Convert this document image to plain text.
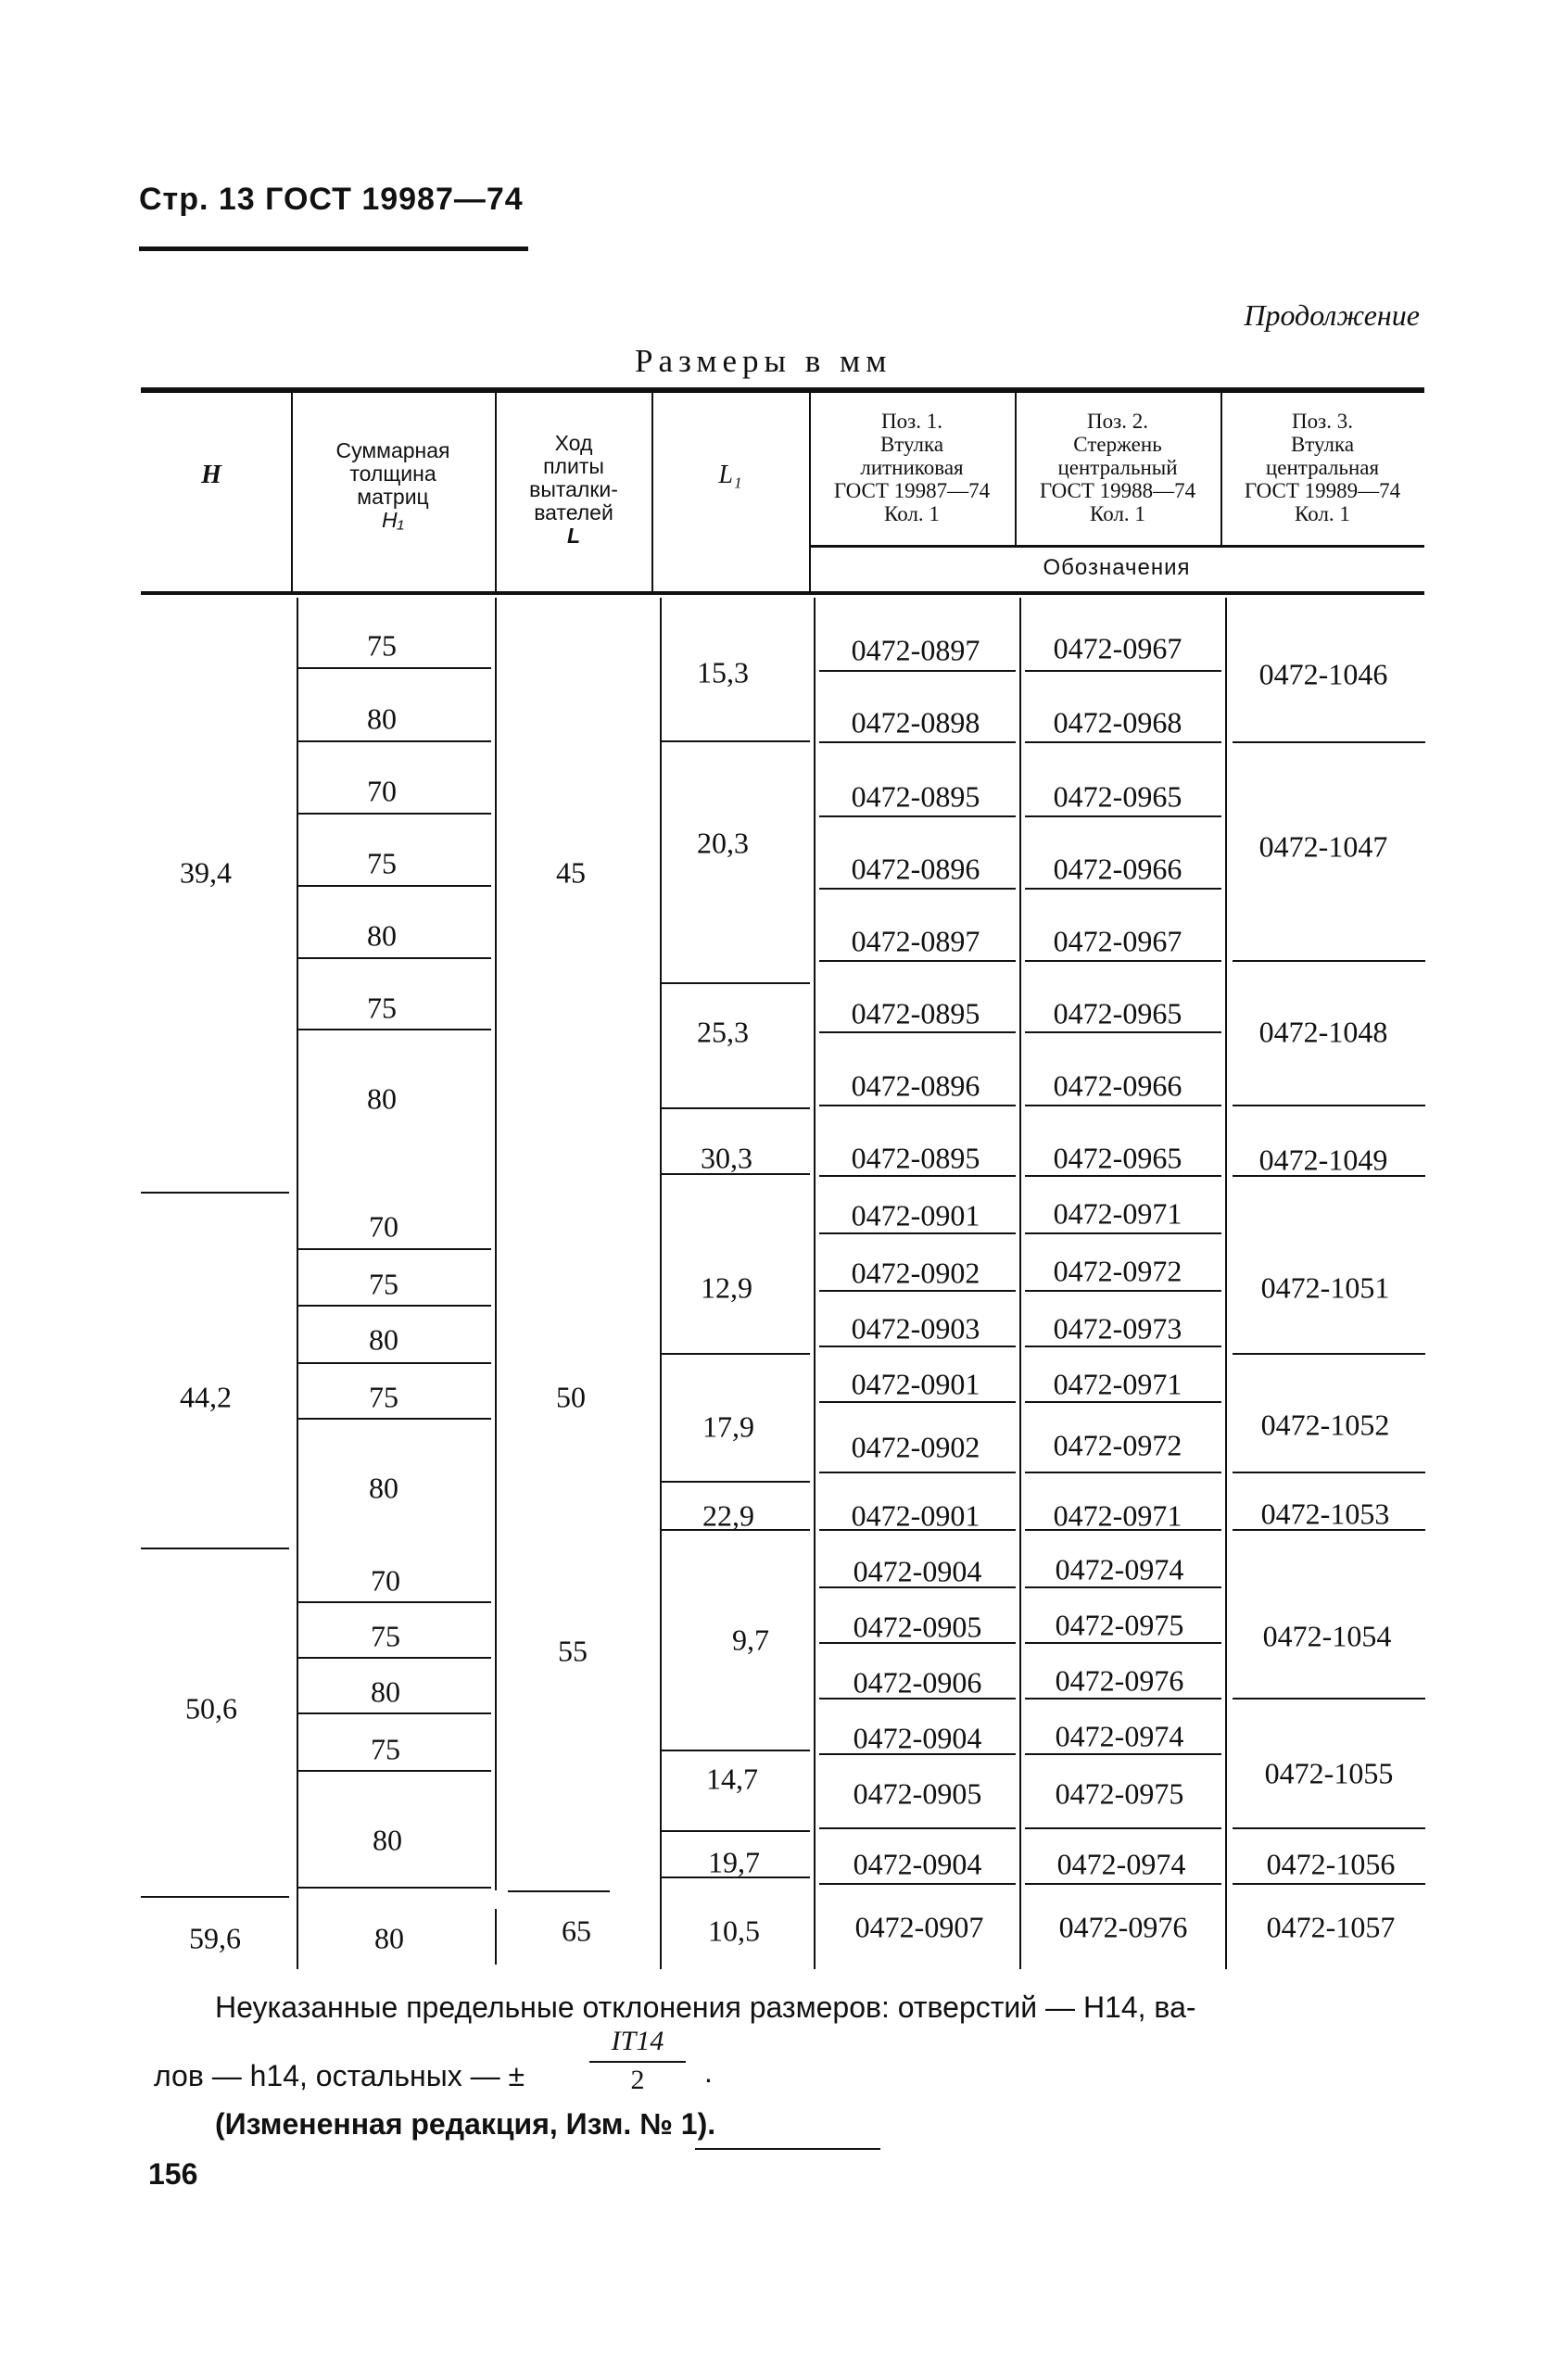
Стр. 13 ГОСТ 19987—74
Продолжение
Размеры в мм
H
Суммарная
толщина
матриц
H₁
Ход
плиты
выталки-
вателей
L
L₁
Поз. 1.
Втулка
литниковая
ГОСТ 19987—74
Кол. 1
Поз. 2.
Стержень
центральный
ГОСТ 19988—74
Кол. 1
Поз. 3.
Втулка
центральная
ГОСТ 19989—74
Кол. 1
Обозначения
39,4
44,2
50,6
59,6
45
50
55
65
75
80
70
75
80
75
80
70
75
80
75
80
70
75
80
75
80
80
15,3
20,3
25,3
30,3
12,9
17,9
22,9
9,7
14,7
19,7
10,5
0472-0897
0472-0898
0472-0895
0472-0896
0472-0897
0472-0895
0472-0896
0472-0895
0472-0901
0472-0902
0472-0903
0472-0901
0472-0902
0472-0901
0472-0904
0472-0905
0472-0906
0472-0904
0472-0905
0472-0904
0472-0907
0472-0967
0472-0968
0472-0965
0472-0966
0472-0967
0472-0965
0472-0966
0472-0965
0472-0971
0472-0972
0472-0973
0472-0971
0472-0972
0472-0971
0472-0974
0472-0975
0472-0976
0472-0974
0472-0975
0472-0974
0472-0976
0472-1046
0472-1047
0472-1048
0472-1049
0472-1051
0472-1052
0472-1053
0472-1054
0472-1055
0472-1056
0472-1057
Неуказанные предельные отклонения размеров: отверстий — H14, ва-
лов — h14, остальных — ±
IT14
2	.
(Измененная редакция, Изм. № 1).
156
